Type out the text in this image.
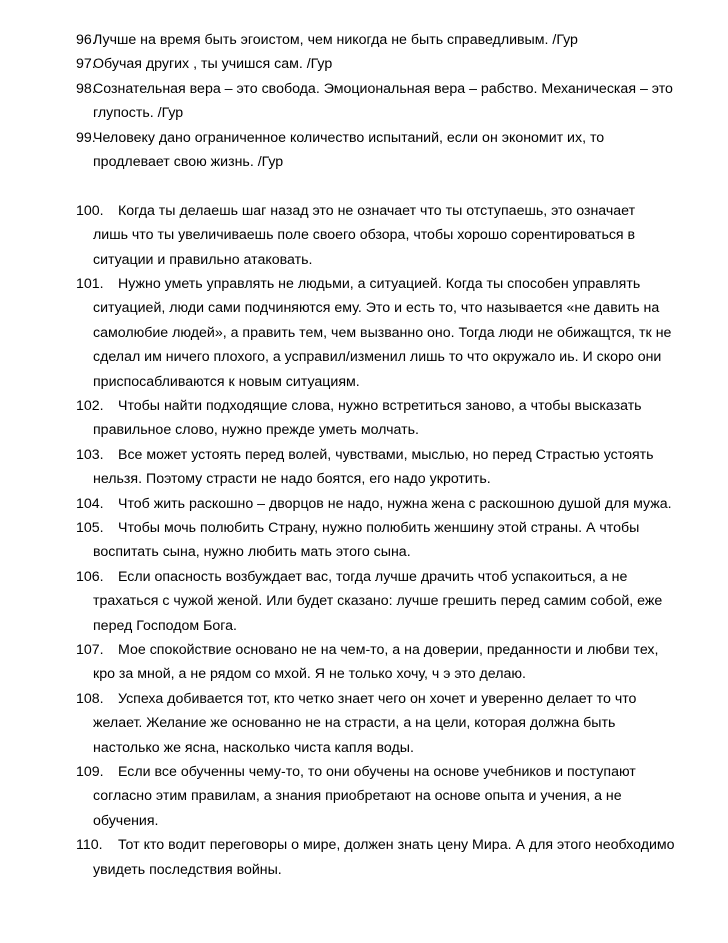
96.
Лучше на время быть эгоистом, чем никогда не быть справедливым. /Гур
97.
Обучая других , ты учишся сам. /Гур
98.
Сознательная вера – это свобода. Эмоциональная вера – рабство. Механическая – это
глупость. /Гур
99.
Человеку дано ограниченное количество испытаний, если он экономит их, то
продлевает свою жизнь. /Гур
100. Когда ты делаешь шаг назад это не означает что ты отступаешь, это означает
лишь что ты увеличиваешь поле своего обзора, чтобы хорошо сорентироваться в
ситуации и правильно атаковать.
101. Нужно уметь управлять не людьми, а ситуацией. Когда ты способен управлять
ситуацией, люди сами подчиняются ему. Это и есть то, что называется «не давить на
самолюбие людей», а править тем, чем вызванно оно. Тогда люди не обижащтся, тк не
сделал им ничего плохого, а усправил/изменил лишь то что окружало иь. И скоро они
приспосабливаются к новым ситуациям.
102. Чтобы найти подходящие слова, нужно встретиться заново, а чтобы высказать
правильное слово, нужно прежде уметь молчать.
103. Все может устоять перед волей, чувствами, мыслью, но перед Страстью устоять
нельзя. Поэтому страсти не надо боятся, его надо укротить.
104. Чтоб жить раскошно – дворцов не надо, нужна жена с раскошною душой для мужа.
105. Чтобы мочь полюбить Страну, нужно полюбить женшину этой страны. А чтобы
воспитать сына, нужно любить мать этого сына.
106. Если опасность возбуждает вас, тогда лучше драчить чтоб успакоиться, а не
трахаться с чужой женой. Или будет сказано: лучше грешить перед самим собой, еже
перед Господом Бога.
107. Мое спокойствие основано не на чем-то, а на доверии, преданности и любви тех,
кро за мной, а не рядом со мхой. Я не только хочу, ч э это делаю.
108. Успеха добивается тот, кто четко знает чего он хочет и уверенно делает то что
желает. Желание же основанно не на страсти, а на цели, которая должна быть
настолько же ясна, насколько чиста капля воды.
109. Если все обученны чему-то, то они обучены на основе учебников и поступают
согласно этим правилам, а знания приобретают на основе опыта и учения, а не
обучения.
110. Тот кто водит переговоры о мире, должен знать цену Мира. А для этого необходимо
увидеть последствия войны.
